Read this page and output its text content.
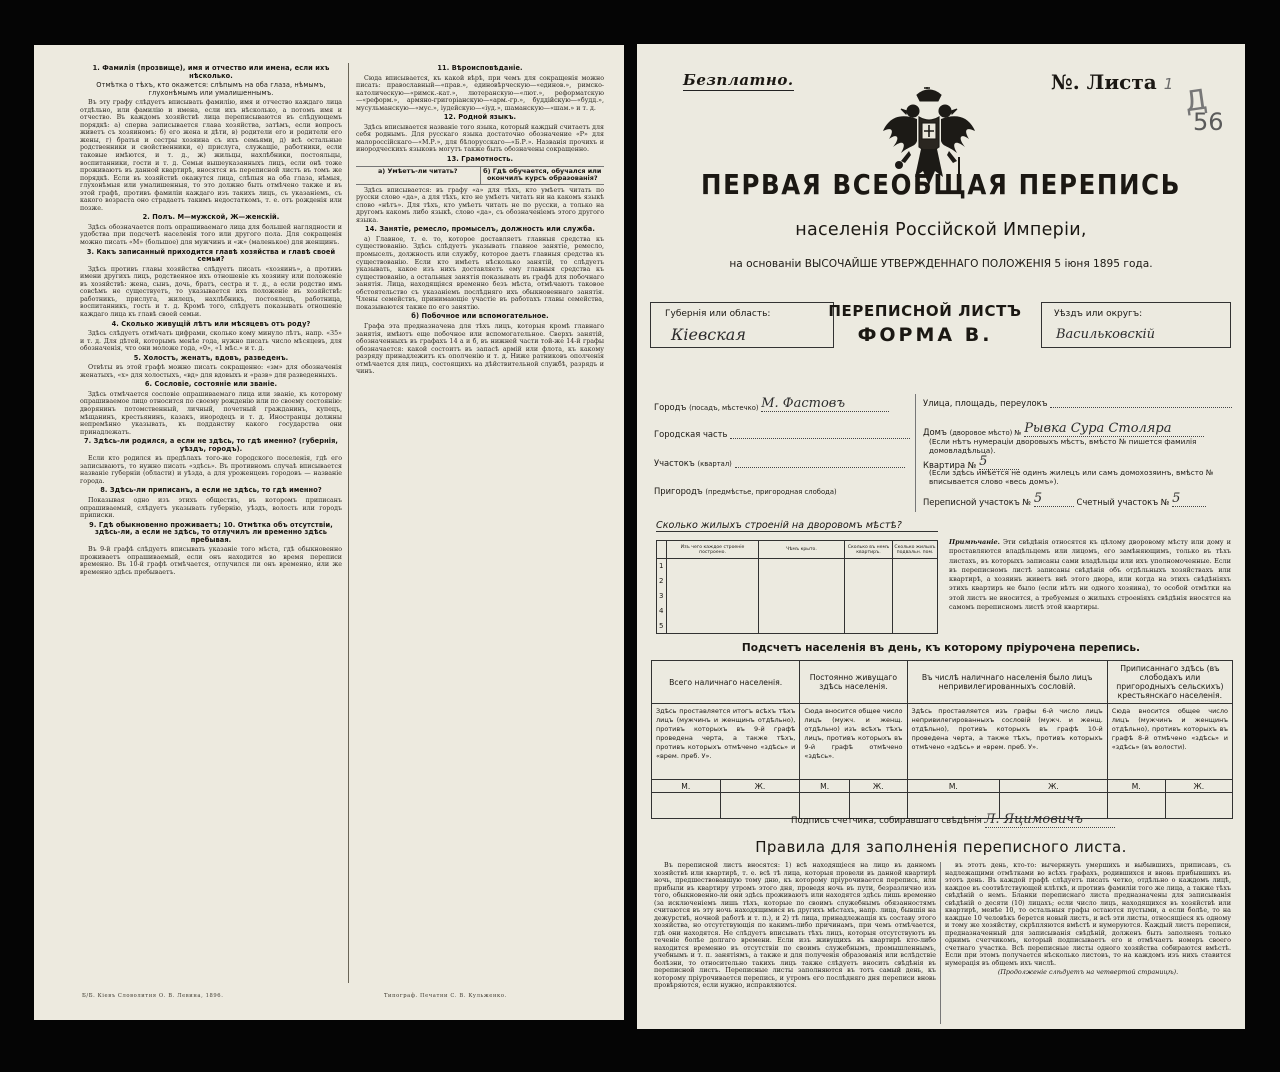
1. Фамилія (прозвище), имя и отчество или имена, если ихъ нѣсколько.
Отмѣтка о тѣхъ, кто окажется: слѣпымъ на оба глаза, нѣмымъ, глухонѣмымъ или умалишеннымъ.

Въ эту графу слѣдуетъ вписывать фамилію, имя и отчество каждаго лица отдѣльно, или фамилію и имена, если ихъ нѣсколько, а потомъ имя и отчество. Въ каждомъ хозяйствѣ лица переписываются въ слѣдующемъ порядкѣ: а) сперва записывается глава хозяйства, затѣмъ, если вопросъ живетъ съ хозяиномъ: б) его жена и дѣти, в) родители его и родители его жены, г) братья и сестры хозяина съ ихъ семьями, д) всѣ остальные родственники и свойственники, е) прислуга, служащіе, работники, если таковые имѣются, и т. д., ж) жильцы, нахлѣбники, постояльцы, воспитанники, гости и т. д. Семьи вышеуказанныхъ лицъ, если онѣ тоже проживаютъ въ данной квартирѣ, вносятся въ переписной листъ въ томъ же порядкѣ. Если въ хозяйствѣ окажутся лица, слѣпыя на оба глаза, нѣмыя, глухонѣмыя или умалишенныя, то это должно быть отмѣчено также и въ этой графѣ, противъ фамиліи каждаго изъ такихъ лицъ, съ указаніемъ, съ какого возраста оно страдаетъ такимъ недостаткомъ, т. е. отъ рожденія или позже.

2. Полъ. М—мужской, Ж—женскій.

Здѣсь обозначается полъ опрашиваемаго лица для большей наглядности и удобства при подсчетѣ населенія того или другого пола. Для сокращенія можно писать «М» (большое) для мужчинъ и «ж» (маленькое) для женщинъ.

3. Какъ записанный приходится главѣ хозяйства и главѣ своей семьи?

Здѣсь противъ главы хозяйства слѣдуетъ писать «хозяинъ», а противъ имени другихъ лицъ, родственное ихъ отношеніе къ хозяину или положеніе въ хозяйствѣ: жена, сынъ, дочь, братъ, сестра и т. д., а если родство имъ совсѣмъ не существуетъ, то указывается ихъ положеніе въ хозяйствѣ: работникъ, прислуга, жилецъ, нахлѣбникъ, постоялецъ, работница, воспитанникъ, гость и т. д. Кромѣ того, слѣдуетъ показывать отношеніе каждаго лица къ главѣ своей семьи.

4. Сколько живущій лѣтъ или мѣсяцевъ отъ роду?

Здѣсь слѣдуетъ отмѣчать цифрами, сколько кому минуло лѣтъ, напр. «35» и т. д. Для дѣтей, которымъ менѣе года, нужно писать число мѣсяцевъ, для обозначенія, что они моложе года, «0», «1 мѣс.» и т. д.

5. Холостъ, женатъ, вдовъ, разведенъ.

Отвѣты въ этой графѣ можно писать сокращенно: «зм» для обозначенія женатыхъ, «х» для холостыхъ, «вд» для вдовыхъ и «разв» для разведенныхъ.

6. Сословіе, состояніе или званіе.

Здѣсь отмѣчается сословіе опрашиваемаго лица или званіе, къ которому опрашиваемое лицо относится по своему рожденію или по своему состоянію: дворянинъ потомственный, личный, почетный гражданинъ, купецъ, мѣщанинъ, крестьянинъ, казакъ, инородецъ и т. д. Иностранцы должны непремѣнно указывать, къ подданству какого государства они принадлежатъ.

7. Здѣсь-ли родился, а если не здѣсь, то гдѣ именно? (губернія, уѣздъ, городъ).

Если кто родился въ предѣлахъ того-же городского поселенія, гдѣ его записываютъ, то нужно писать «здѣсь». Въ противномъ случаѣ вписывается названіе губерніи (области) и уѣзда, а для уроженцевъ городовъ — названіе города.

8. Здѣсь-ли приписанъ, а если не здѣсь, то гдѣ именно?

Показывая одно изъ этихъ обществъ, въ которомъ приписанъ опрашиваемый, слѣдуетъ указывать губернію, уѣздъ, волость или городъ приписки.

9. Гдѣ обыкновенно проживаетъ; 10. Отмѣтка объ отсутствіи, здѣсь-ли, а если не здѣсь, то отлучилъ ли временно здѣсь пребывая.

Въ 9-й графѣ слѣдуетъ вписывать указаніе того мѣста, гдѣ обыкновенно проживаетъ опрашиваемый, если онъ находится во время переписи временно. Въ 10-й графѣ отмѣчается, отлучился ли онъ временно, или же временно здѣсь пребываетъ.

11. Вѣроисповѣданіе.

Сюда вписывается, къ какой вѣрѣ, при чемъ для сокращенія можно писать: православный—«прав.», единовѣрческую—«единов.», римско-католическую—«римск.-кат.», лютеранскую—«лют.», реформатскую—«реформ.», армяно-григоріанскую—«арм.-гр.», буддійскую—«будд.», мусульманскую—«мус.», іудейскую—«іуд.», шаманскую—«шам.» и т. д.

12. Родной языкъ.

Здѣсь вписывается названіе того языка, который каждый считаетъ для себя роднымъ. Для русскаго языка достаточно обозначение «Р» для малороссійскаго—«М.Р.», для бѣлорусскаго—«Б.Р.». Названія прочихъ и инородческихъ языковъ могутъ также быть обозначены сокращенно.

13. Грамотность.
а) Умѣетъ-ли читать?	б) Гдѣ обучается, обучался или окончилъ курсъ образованія?

Здѣсь вписывается: въ графу «а» для тѣхъ, кто умѣетъ читать по русски слово «да», а для тѣхъ, кто не умѣетъ читать ни на какомъ языкѣ слово «нѣтъ». Для тѣхъ, кто умѣетъ читать не по русски, а только на другомъ какомъ либо языкѣ, слово «да», съ обозначеніемъ этого другого языка.

14. Занятіе, ремесло, промыселъ, должность или служба.

а) Главное, т. е. то, которое доставляетъ главныя средства къ существованію. Здѣсь слѣдуетъ указывать главное занятіе, ремесло, промыселъ, должность или службу, которое даетъ главныя средства къ существованію. Если кто имѣетъ нѣсколько занятій, то слѣдуетъ указывать, какое изъ нихъ доставляетъ ему главныя средства къ существованію, а остальныя занятія показывать въ графѣ для побочнаго занятія. Лица, находящіяся временно безъ мѣста, отмѣчаютъ таковое обстоятельство съ указаніемъ послѣдняго ихъ обыкновеннаго занятія. Члены семействъ, принимающіе участіе въ работахъ главы семейства, показываются также по его занятію.

б) Побочное или вспомогательное.

Графа эта предназначена для тѣхъ лицъ, которыя кромѣ главнаго занятія, имѣютъ еще побочное или вспомогательное. Сверхъ занятій, обозначенныхъ въ графахъ 14 а и б, въ нижней части той-же 14-й графы обозначается: какой состоитъ въ запасѣ армій или флота, къ какому разряду принадлежитъ къ ополченію и т. д. Ниже ратниковъ ополченія отмѣчается для лицъ, состоящихъ на дѣйствительной службѣ, разрядъ и чинъ.

Б/Б. Кіевъ Словолитня О. В. Левина, 1896.	Типограф. Печатни С. В. Кульженко.
Безплатно.	№. Листа 1 Д
56
ПЕРВАЯ ВСЕОБЩАЯ ПЕРЕПИСЬ
населенія Россійской Имперіи,
на основаніи ВЫСОЧАЙШЕ УТВЕРЖДЕННАГО ПОЛОЖЕНІЯ 5 іюня 1895 года.
Губернія или область:
Кіевская
ПЕРЕПИСНОЙ ЛИСТЪ
ФОРМА В.
Уѣздъ или округъ:
Васильковскій
Городъ (посадъ, мѣстечко) М. Фастовъ
Городская часть
Участокъ (квартал)
Пригородъ (предмѣстье, пригородная слобода)
Улица, площадь, переулокъ
Домъ (дворовое мѣсто) № Рывка Сура Столяра
(Если нѣтъ нумераціи дворовыхъ мѣстъ, вмѣсто № пишется фамилія домовладѣльца).
Квартира № 5
(Если здѣсь имѣется не одинъ жилецъ или самъ домохозяинъ, вмѣсто № вписывается слово «весь домъ»).
Переписной участокъ № 5	Счетный участокъ № 5
Сколько жилыхъ строеній на дворовомъ мѣстѣ?
	Изъ чего каждое строеніе построено.	Чѣмъ крыто.	Сколько въ немъ квартиръ.	Сколько жилыхъ подвальн. пом.
1				
2				
3				
4				
5				
Примѣчаніе. Эти свѣдѣнія относятся къ цѣлому дворовому мѣсту или дому и проставляются владѣльцемъ или лицомъ, его замѣняющимъ, только въ тѣхъ листахъ, въ которыхъ записаны сами владѣльцы или ихъ уполномоченные. Если въ переписномъ листѣ записаны свѣдѣнія объ отдѣльныхъ хозяйствахъ или квартирѣ, а хозяинъ живетъ внѣ этого двора, или когда на этихъ свѣдѣніяхъ этихъ квартиръ не было (если нѣтъ ни одного хозяина), то особой отмѣтки на этой листъ не вносится, а требуемыя о жилыхъ строеніяхъ свѣдѣнія вносятся на самомъ переписномъ листѣ этой квартиры.
Подсчетъ населенія въ день, къ которому пріурочена перепись.
Всего наличнаго населенія.		Постоянно живущаго здѣсь населенія.		Въ числѣ наличнаго населенія было лицъ непривилегированныхъ сословій.		Приписаннаго здѣсь (въ слободахъ или пригородныхъ сельскихъ) крестьянскаго населенія.	
Здѣсь проставляется итогъ всѣхъ тѣхъ лицъ (мужчинъ и женщинъ отдѣльно), противъ которыхъ въ 9-й графѣ проведена черта, а также тѣхъ, противъ которыхъ отмѣчено «здѣсь» и «врем. преб. У».		Сюда вносится общее число лицъ (мужч. и женщ. отдѣльно) изъ всѣхъ тѣхъ лицъ, противъ которыхъ въ 9-й графѣ отмѣчено «здѣсь».		Здѣсь проставляется изъ графы 6-й число лицъ непривилегированныхъ сословій (мужч. и женщ. отдѣльно), противъ которыхъ въ графѣ 10-й проведена черта, а также тѣхъ, противъ которыхъ отмѣчено «здѣсь» и «врем. преб. У».		Сюда вносится общее число лицъ (мужчинъ и женщинъ отдѣльно), противъ которыхъ въ графѣ 8-й отмѣчено «здѣсь» и «здѣсь» (въ волости).	
М.	Ж.	М.	Ж.	М.	Ж.	М.	Ж.

Подпись счетчика, собиравшаго свѣдѣнія Л. Яцимовичъ
Правила для заполненія переписного листа.

Въ переписной листъ вносятся: 1) всѣ находящіеся на лицо въ данномъ хозяйствѣ или квартирѣ, т. е. всѣ тѣ лица, которыя провели въ данной квартирѣ ночь, предшествовавшую тому дню, къ которому пріурочивается перепись, или прибыли въ квартиру утромъ этого дня, проведя ночь въ пути, безразлично изъ того, обыкновенно-ли они здѣсь проживаютъ или находятся здѣсь лишь временно (за исключеніемъ лишь тѣхъ, которые по своимъ служебнымъ обязанностямъ считаются въ эту ночь находящимися въ другихъ мѣстахъ, напр. лица, бывшія на дежурствѣ, ночной работѣ и т. п.), и 2) тѣ лица, принадлежащія къ составу этого хозяйства, но отсутствующія по какимъ-либо причинамъ, при чемъ отмѣчается, гдѣ они находятся. Не слѣдуетъ вписывать тѣхъ лицъ, которыя отсутствуютъ въ теченіе болѣе долгаго времени. Если изъ живущихъ въ квартирѣ кто-либо находится временно въ отсутствіи по своимъ служебнымъ, промышленнымъ, учебнымъ и т. п. занятіямъ, а также и для полученія образованія или вслѣдствіе болѣзни, то относительно такихъ лицъ также слѣдуетъ вносить свѣдѣнія въ переписной листъ. Переписные листы заполняются въ тотъ самый день, къ которому пріурочивается перепись, и утромъ его послѣдняго дня переписи вновь провѣряются, если нужно, исправляются.

въ этотъ день, кто-то: вычеркнуть умершихъ и выбывшихъ, приписавъ, съ надлежащими отмѣтками во всѣхъ графахъ, родившихся и вновь прибывшихъ въ этотъ день. Въ каждой графѣ слѣдуетъ писать четко, отдѣльно о каждомъ лицѣ, каждое въ соотвѣтствующей клѣткѣ, и противъ фамиліи того же лица, а также тѣхъ свѣдѣній о немъ. Бланки переписнаго листа предназначены для записыванія свѣдѣній о десяти (10) лицахъ; если число лицъ, находящихся въ хозяйствѣ или квартирѣ, менѣе 10, то остальныя графы остаются пустыми, а если болѣе, то на каждые 10 человѣкъ берется новый листъ, и всѣ эти листы, относящіеся къ одному и тому же хозяйству, скрѣпляются вмѣстѣ и нумеруются. Каждый листъ переписи, предназначенный для записыванія свѣдѣній, долженъ быть заполненъ только однимъ счетчикомъ, который подписываетъ его и отмѣчаетъ номеръ своего счетнаго участка. Всѣ переписные листы одного хозяйства собираются вмѣстѣ. Если при этомъ получается нѣсколько листовъ, то на каждомъ изъ нихъ ставится нумерація въ общемъ ихъ числѣ.

(Продолженіе слѣдуетъ на четвертой страницѣ).
